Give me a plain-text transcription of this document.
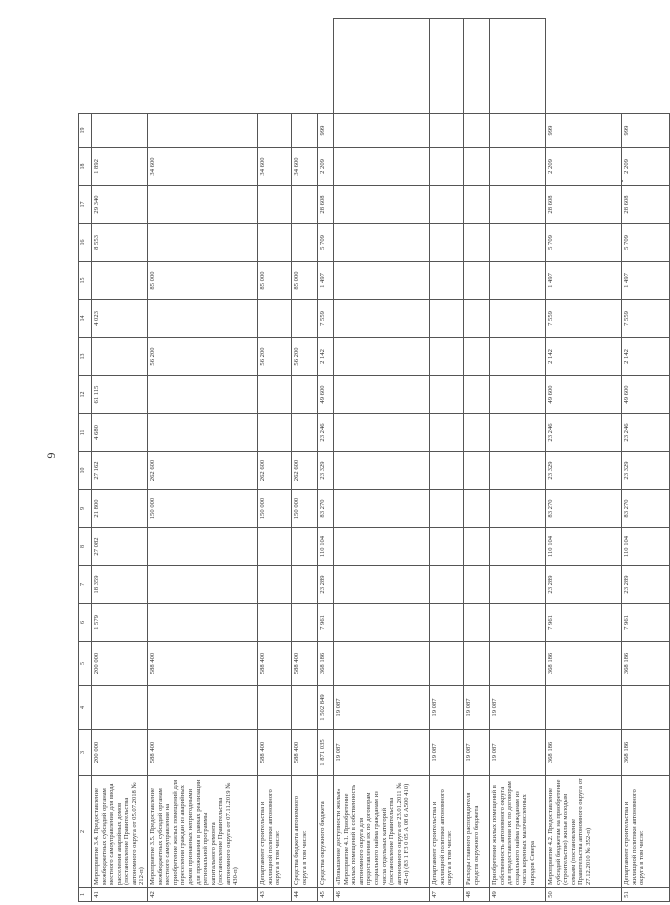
6
1	2	3	4	5	6	7	8	9	10	11	12	13	14	15	16	17	18	19	
41	Мероприятие 3.4. Предоставление межбюджетных субсидий органам местного самоуправления для ввода расселения аварийных домов (постановление Правительства автономного округа от 05.07.2018 № 212-п)	200 000		200 000	1 579	18 359	27 082	21 800	27 162	4 680	61 115		4 023		8 553	29 340	1 892		
42	Мероприятие 3.5. Предоставление межбюджетных субсидий органам местного самоуправления на приобретение жилых помещений для переселения граждан из аварийных домов признанных непригодными для проживания в рамках реализации региональной программы капитального ремонта (постановление Правительства автономного округа от 07.11.2019 № 430-п)	588 400		588 400				150 000	262 600			56 200		85 000			34 600		
43	Департамент строительства и жилищной политики автономного округа в том числе:	588 400		588 400				150 000	262 600			56 200		85 000			34 600		
44	Средства бюджета автономного округа в том числе:	588 400		588 400				150 000	262 600			56 200		85 000			34 600		
45	Средства окружного бюджета	1 871 035	1 502 849	368 186	7 961	23 289	110 104	83 270	23 329	23 246	49 600	2 142	7 559	1 497	5 709	28 608	2 209	999	
46	«Повышение доступности жилья» Мероприятие 4.1. Приобретение жилых помещений в собственность автономного округа для предоставления их по договорам социального найма гражданам из числа отдельных категорий (постановление Правительства автономного округа от 23.01.2011 № 42-п) (83 1 F3 0 05 А 08 6 А500 410)	19 087	19 087																
47	Департамент строительства и жилищной политики автономного округа в том числе:	19 087	19 087																
48	Расходы главного распорядителя средств окружного бюджета	19 087	19 087																
49	Приобретение жилых помещений в собственность автономного округа для предоставления их по договорам социального найма гражданам из числа коренных малочисленных народов Севера	19 087	19 087																
50	Мероприятие 4.2. Предоставление субсидий бюджетам на приобретение (строительство) жилья молодым семьям (постановление Правительства автономного округа от 27.12.2010 № 352-п)	368 186		368 186	7 961	23 289	110 104	83 270	23 329	23 246	49 600	2 142	7 559	1 497	5 709	28 608	2 209	999	
51	Департамент строительства и жилищной политики автономного округа в том числе:	368 186		368 186	7 961	23 289	110 104	83 270	23 329	23 246	49 600	2 142	7 559	1 497	5 709	28 608	2 209	999	
